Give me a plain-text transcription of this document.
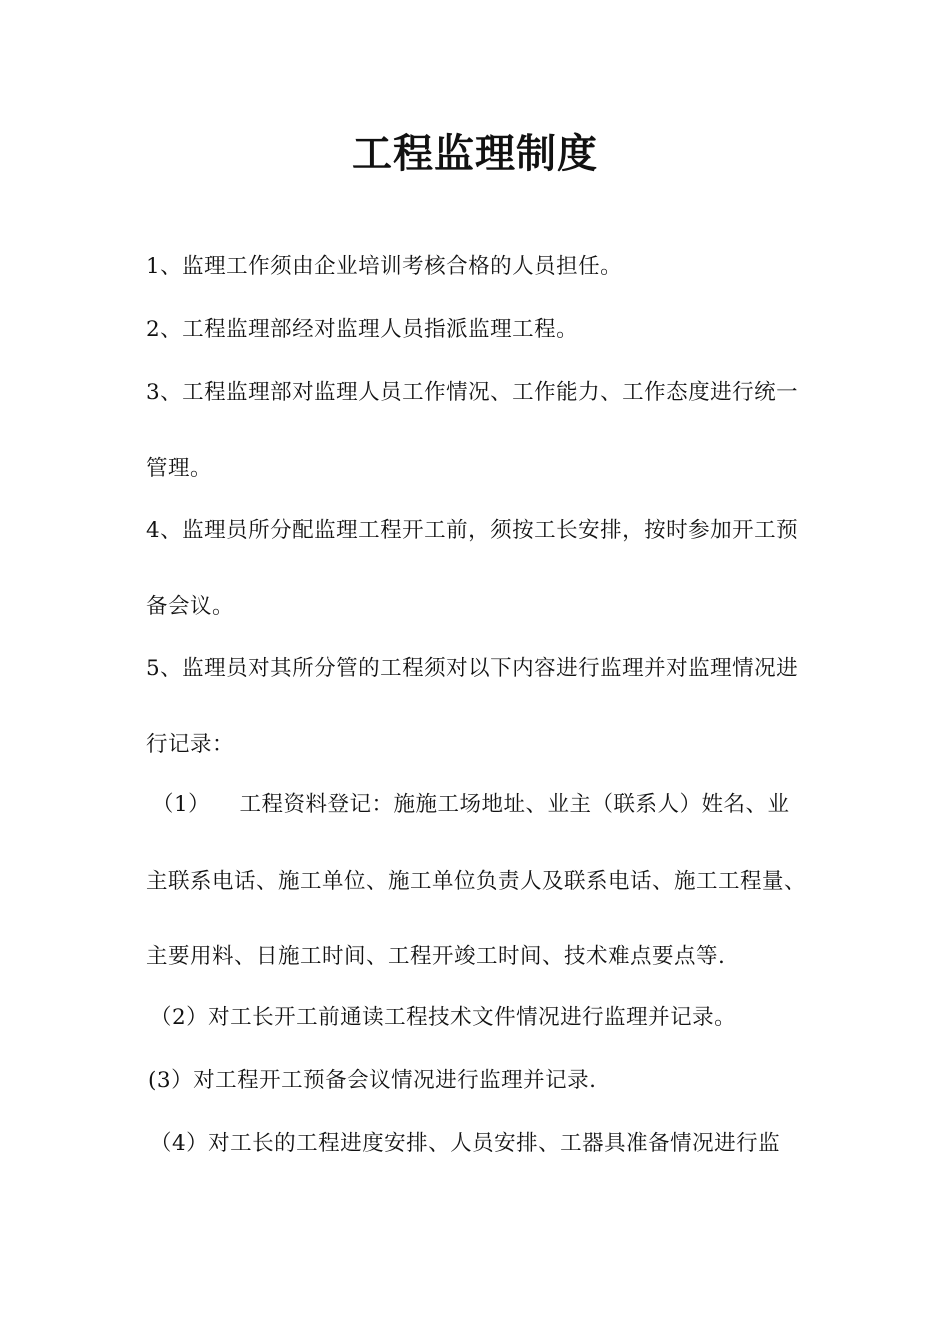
工程监理制度
1、监理工作须由企业培训考核合格的人员担任。
2、工程监理部经对监理人员指派监理工程。
3、工程监理部对监理人员工作情况、工作能力、工作态度进行统一
管理。
4、监理员所分配监理工程开工前，须按工长安排，按时参加开工预
备会议。
5、监理员对其所分管的工程须对以下内容进行监理并对监理情况进
行记录：
（1）    工程资料登记：施施工场地址、业主（联系人）姓名、业
主联系电话、施工单位、施工单位负责人及联系电话、施工工程量、
主要用料、日施工时间、工程开竣工时间、技术难点要点等.
（2）对工长开工前通读工程技术文件情况进行监理并记录。
(3）对工程开工预备会议情况进行监理并记录.
（4）对工长的工程进度安排、人员安排、工器具准备情况进行监
